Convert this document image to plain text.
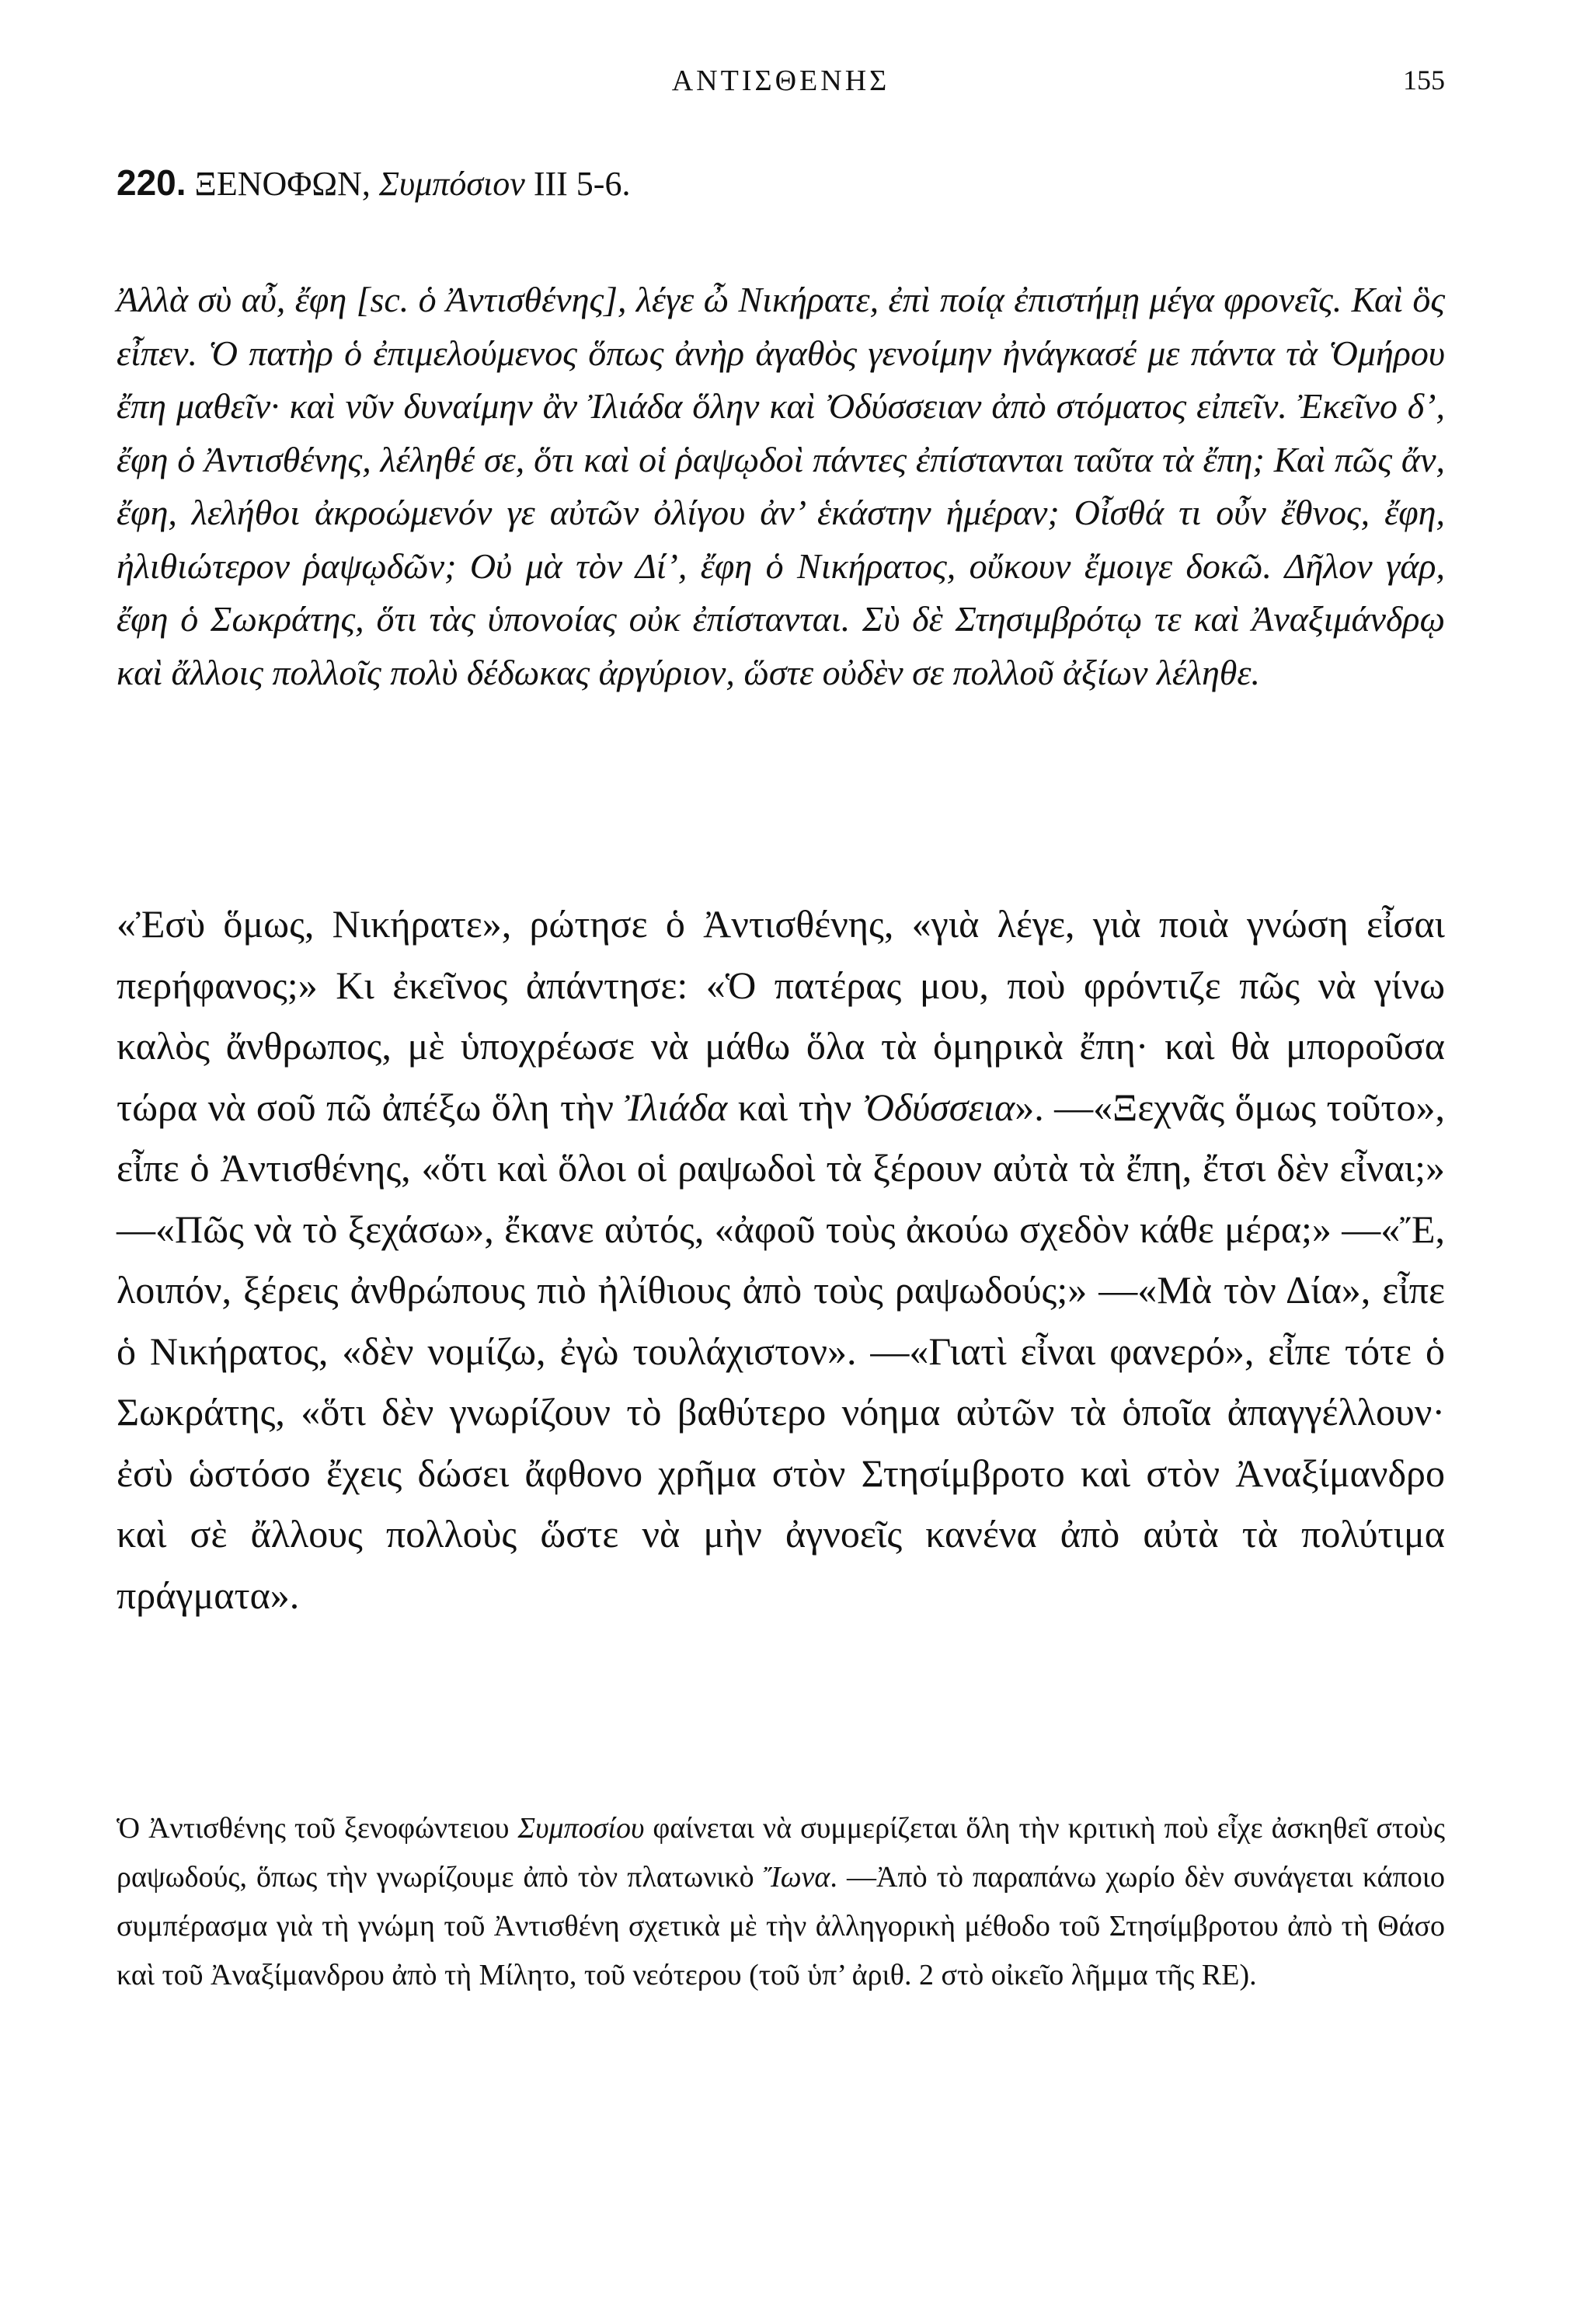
ΑΝΤΙΣΘΕΝΗΣ	155
220. ΞΕΝΟΦΩΝ, Συμπόσιον III 5-6.

Ἀλλὰ σὺ αὖ, ἔφη [sc. ὁ Ἀντισθένης], λέγε ὦ Νικήρατε, ἐπὶ ποίᾳ ἐπιστήμῃ μέγα φρονεῖς. Καὶ ὃς εἶπεν. Ὁ πατὴρ ὁ ἐπιμελούμενος ὅπως ἀνὴρ ἀγαθὸς γενοίμην ἠνάγκασέ με πάντα τὰ Ὁμήρου ἔπη μαθεῖν· καὶ νῦν δυναίμην ἂν Ἰλιάδα ὅλην καὶ Ὀδύσσειαν ἀπὸ στόματος εἰπεῖν. Ἐκεῖνο δ’, ἔφη ὁ Ἀντισθένης, λέληθέ σε, ὅτι καὶ οἱ ῥαψῳδοὶ πάντες ἐπίστανται ταῦτα τὰ ἔπη; Καὶ πῶς ἄν, ἔφη, λελήθοι ἀκροώμενόν γε αὐτῶν ὀλίγου ἀν’ ἑκάστην ἡμέραν; Οἶσθά τι οὖν ἔθνος, ἔφη, ἠλιθιώτερον ῥαψῳδῶν; Οὐ μὰ τὸν Δί’, ἔφη ὁ Νικήρατος, οὔκουν ἔμοιγε δοκῶ. Δῆλον γάρ, ἔφη ὁ Σωκράτης, ὅτι τὰς ὑπονοίας οὐκ ἐπίστανται. Σὺ δὲ Στησιμβρότῳ τε καὶ Ἀναξιμάνδρῳ καὶ ἄλλοις πολλοῖς πολὺ δέδωκας ἀργύριον, ὥστε οὐδὲν σε πολλοῦ ἀξίων λέληθε.

«Ἐσὺ ὅμως, Νικήρατε», ρώτησε ὁ Ἀντισθένης, «γιὰ λέγε, γιὰ ποιὰ γνώση εἶσαι περήφανος;» Κι ἐκεῖνος ἀπάντησε: «Ὁ πατέρας μου, ποὺ φρόντιζε πῶς νὰ γίνω καλὸς ἄνθρωπος, μὲ ὑποχρέωσε νὰ μάθω ὅλα τὰ ὁμηρικὰ ἔπη· καὶ θὰ μποροῦσα τώρα νὰ σοῦ πῶ ἀπέξω ὅλη τὴν Ἰλιάδα καὶ τὴν Ὀδύσσεια». —«Ξεχνᾶς ὅμως τοῦτο», εἶπε ὁ Ἀντισθένης, «ὅτι καὶ ὅλοι οἱ ραψωδοὶ τὰ ξέρουν αὐτὰ τὰ ἔπη, ἔτσι δὲν εἶναι;» —«Πῶς νὰ τὸ ξεχάσω», ἔκανε αὐτός, «ἀφοῦ τοὺς ἀκούω σχεδὸν κάθε μέρα;» —«Ἔ, λοιπόν, ξέρεις ἀνθρώπους πιὸ ἠλίθιους ἀπὸ τοὺς ραψωδούς;» —«Μὰ τὸν Δία», εἶπε ὁ Νικήρατος, «δὲν νομίζω, ἐγὼ τουλάχιστον». —«Γιατὶ εἶναι φανερό», εἶπε τότε ὁ Σωκράτης, «ὅτι δὲν γνωρίζουν τὸ βαθύτερο νόημα αὐτῶν τὰ ὁποῖα ἀπαγγέλλουν· ἐσὺ ὡστόσο ἔχεις δώσει ἄφθονο χρῆμα στὸν Στησίμβροτο καὶ στὸν Ἀναξίμανδρο καὶ σὲ ἄλλους πολλοὺς ὥστε νὰ μὴν ἀγνοεῖς κανένα ἀπὸ αὐτὰ τὰ πολύτιμα πράγματα».

Ὁ Ἀντισθένης τοῦ ξενοφώντειου Συμποσίου φαίνεται νὰ συμμερίζεται ὅλη τὴν κριτικὴ ποὺ εἶχε ἀσκηθεῖ στοὺς ραψωδούς, ὅπως τὴν γνωρίζουμε ἀπὸ τὸν πλατωνικὸ Ἴωνα. —Ἀπὸ τὸ παραπάνω χωρίο δὲν συνάγεται κάποιο συμπέρασμα γιὰ τὴ γνώμη τοῦ Ἀντισθένη σχετικὰ μὲ τὴν ἀλληγορικὴ μέθοδο τοῦ Στησίμβροτου ἀπὸ τὴ Θάσο καὶ τοῦ Ἀναξίμανδρου ἀπὸ τὴ Μίλητο, τοῦ νεότερου (τοῦ ὑπ’ ἀριθ. 2 στὸ οἰκεῖο λῆμμα τῆς RE).
